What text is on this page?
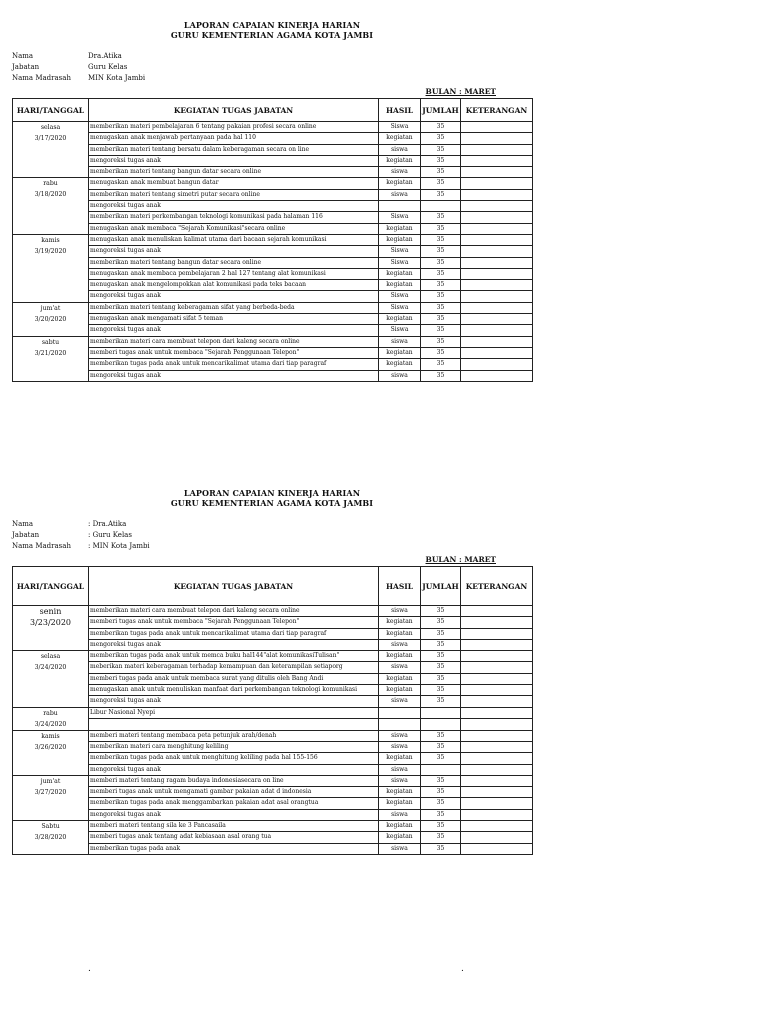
LAPORAN CAPAIAN KINERJA HARIAN
GURU KEMENTERIAN AGAMA KOTA JAMBI
Nama	Dra.Atika
Jabatan	Guru Kelas
Nama Madrasah	MIN Kota Jambi
BULAN : MARET
HARI/TANGGAL	KEGIATAN TUGAS JABATAN	HASIL	JUMLAH	KETERANGAN

selasa
3/17/2020	memberikan materi pembelajaran 6 tentang pakaian profesi secara online	Siswa	35	
	menugaskan anak menjawab pertanyaan pada hal 110	kegiatan	35	
	memberikan materi tentang bersatu dalam keberagaman secara on line	siswa	35	
	mengoreksi tugas anak	kegiatan	35	
	memberikan materi tentang bangun datar secara online	siswa	35	

rabu
3/18/2020	menugaskan anak membuat bangun datar	kegiatan	35	
	memberikan materi tentang simetri putar secara online	siswa	35	
	mengoreksi tugas anak			
	memberikan materi perkembangan teknologi komunikasi pada halaman 116	Siswa	35	
	menugaskan anak membaca "Sejarah Komunikasi"secara online	kegiatan	35	

kamis
3/19/2020	menugaskan anak menuliskan kalimat utama dari bacaan sejarah komunikasi	kegiatan	35	
	mengoreksi tugas anak	Siswa	35	
	memberikan materi tentang bangun datar secara online	Siswa	35	
	menugaskan anak membaca pembelajaran 2 hal 127 tentang alat komunikasi	kegiatan	35	
	menugaskan anak mengelompokkan alat komunikasi pada teks bacaan	kegiatan	35	
	mengoreksi tugas anak	Siswa	35	

jum'at
3/20/2020	memberikan materi tentang keberagaman sifat yang berbeda-beda	Siswa	35	
	menugaskan anak mengamati sifat 5 teman	kegiatan	35	
	mengoreksi tugas anak	Siswa	35	

sabtu
3/21/2020	memberikan materi cara membuat telepon dari kaleng secara online	siswa	35	
	memberi tugas anak untuk membaca "Sejarah Penggunaan Telepon"	kegiatan	35	
	memberikan tugas pada anak untuk mencarikalimat utama dari tiap paragraf	kegiatan	35	
	mengoreksi tugas anak	siswa	35	
LAPORAN CAPAIAN KINERJA HARIAN
GURU KEMENTERIAN AGAMA KOTA JAMBI
Nama	: Dra.Atika
Jabatan	: Guru Kelas
Nama Madrasah	: MIN Kota Jambi
BULAN : MARET
HARI/TANGGAL	KEGIATAN TUGAS JABATAN	HASIL	JUMLAH	KETERANGAN

senin
3/23/2020	memberikan materi cara membuat telepon dari kaleng secara online	siswa	35	
	memberi tugas anak untuk membaca "Sejarah Penggunaan Telepon"	kegiatan	35	
	memberikan tugas pada anak untuk mencarikalimat utama dari tiap paragraf	kegiatan	35	
	mengoreksi tugas anak	siswa	35	

selasa
3/24/2020	memberikan tugas pada anak untuk memca buku hal144"alat komunikasiTulisan"	kegiatan	35	
	meberikan materi keberagaman terhadap kemampuan dan keterampilan setiaporg	siswa	35	
	memberi tugas pada anak untuk membaca surat yang ditulis oleh Bang Andi	kegiatan	35	
	menugaskan anak untuk menuliskan manfaat dari perkembangan teknologi komunikasi	kegiatan	35	
	mengoreksi tugas anak	siswa	35	

rabu
3/24/2020	Libur Nasional Nyepi			

kamis
3/26/2020	memberi materi tentang membaca peta petunjuk arah/denah	siswa	35	
	memberikan materi cara menghitung keliling	siswa	35	
	memberikan tugas pada anak untuk menghitung keliling pada hal 155-156	kegiatan	35	
	mengoreksi tugas anak	siswa		

jum'at
3/27/2020	memberi materi tentang ragam budaya indonesiasecara on line	siswa	35	
	memberi tugas anak untuk mengamati gambar pakaian adat d indonesia	kegiatan	35	
	memberikan tugas pada anak menggambarkan pakaian adat asal orangtua	kegiatan	35	
	mengoreksi tugas anak	siswa	35	

Sabtu
3/28/2020	memberi materi tentang sila ke 3 Pancasaila	kegiatan	35	
	memberi tugas anak tentang adat kebiasaan asal orang tua	kegiatan	35	
	memberikan tugas pada anak	siswa	35	
.	.
